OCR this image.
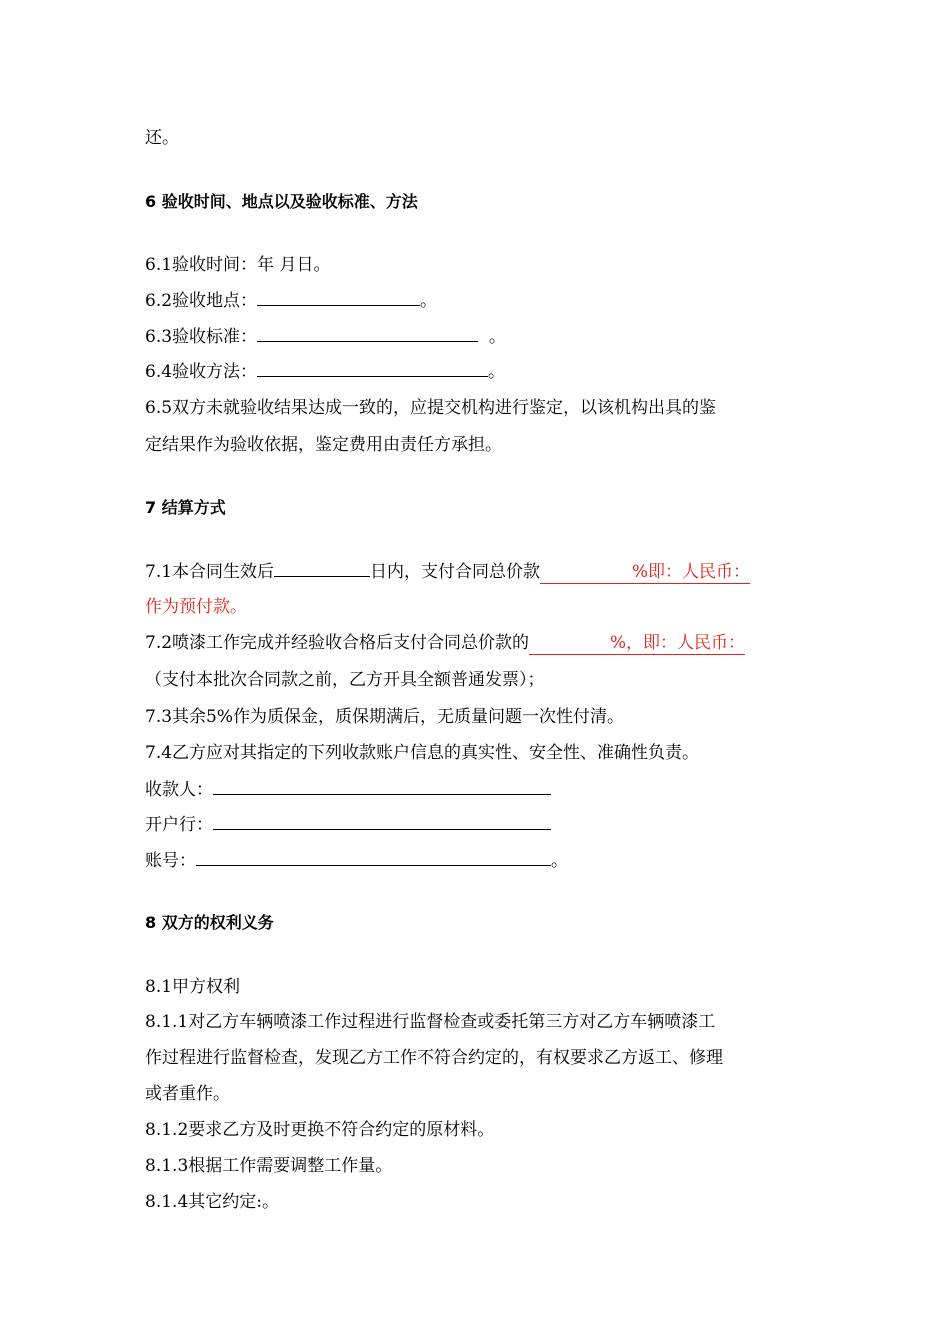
还。
6 验收时间、地点以及验收标准、方法
6.1验收时间：年 月日。
6.2验收地点：	。
6.3验收标准：	。
6.4验收方法：	。
6.5双方未就验收结果达成一致的，应提交机构进行鉴定，以该机构出具的鉴
定结果作为验收依据，鉴定费用由责任方承担。
7 结算方式
7.1本合同生效后	日内，支付合同总价款	%即：人民币：
作为预付款。
7.2喷漆工作完成并经验收合格后支付合同总价款的	%，即：人民币：
（支付本批次合同款之前，乙方开具全额普通发票）；
7.3其余5%作为质保金，质保期满后，无质量问题一次性付清。
7.4乙方应对其指定的下列收款账户信息的真实性、安全性、准确性负责。
收款人：
开户行：
账号：	。
8 双方的权利义务
8.1甲方权利
8.1.1对乙方车辆喷漆工作过程进行监督检查或委托第三方对乙方车辆喷漆工
作过程进行监督检查，发现乙方工作不符合约定的，有权要求乙方返工、修理
或者重作。
8.1.2要求乙方及时更换不符合约定的原材料。
8.1.3根据工作需要调整工作量。
8.1.4其它约定:。
